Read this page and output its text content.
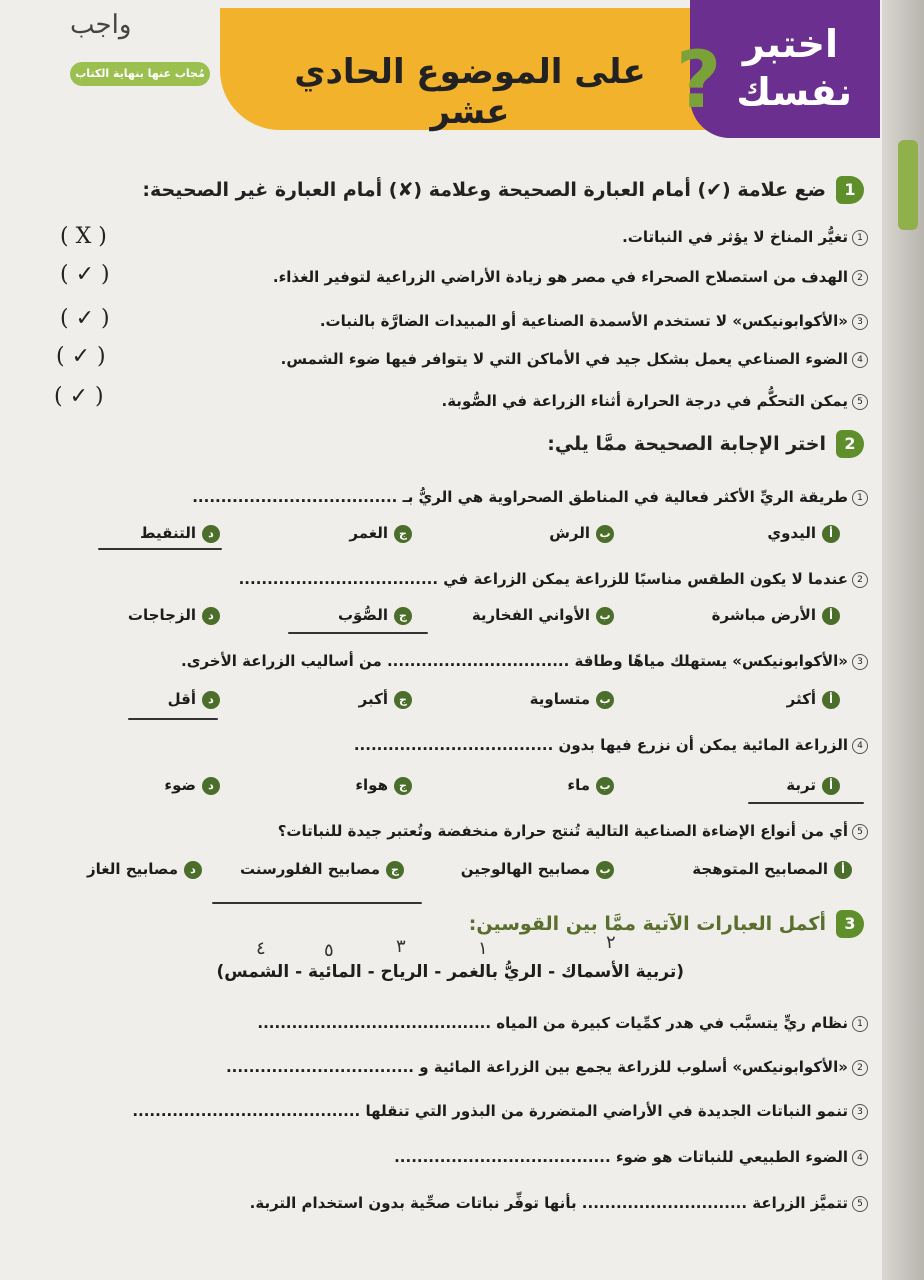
واجب
على الموضوع الحادي عشر	? اختبر
نفسك
مُجاب عنها بنهاية الكتاب
1
ضع علامة (✔) أمام العبارة الصحيحة وعلامة (✘) أمام العبارة غير الصحيحة:
1تغيُّر المناخ لا يؤثر في النباتات.
( X )
2الهدف من استصلاح الصحراء في مصر هو زيادة الأراضي الزراعية لتوفير الغذاء.
( ✓ )
3«الأكوابونيكس» لا تستخدم الأسمدة الصناعية أو المبيدات الضارَّة بالنبات.
( ✓ )
4الضوء الصناعي يعمل بشكل جيد في الأماكن التي لا يتوافر فيها ضوء الشمس.
( ✓ )
5يمكن التحكُّم في درجة الحرارة أثناء الزراعة في الصُّوبة.
( ✓ )
2
اختر الإجابة الصحيحة ممَّا يلي:
1طريقة الريِّ الأكثر فعالية في المناطق الصحراوية هي الريُّ بـ ....................................
أاليدوي
بالرش
جالغمر
دالتنقيط
2عندما لا يكون الطقس مناسبًا للزراعة يمكن الزراعة في ...................................
أالأرض مباشرة
بالأواني الفخارية
جالصُّوَب
دالزجاجات
3«الأكوابونيكس» يستهلك مياهًا وطاقة ................................ من أساليب الزراعة الأخرى.
أأكثر
بمتساوية
جأكبر
دأقل
4الزراعة المائية يمكن أن نزرع فيها بدون ...................................
أتربة
بماء
جهواء
دضوء
5أي من أنواع الإضاءة الصناعية التالية تُنتج حرارة منخفضة وتُعتبر جيدة للنباتات؟
أالمصابيح المتوهجة
بمصابيح الهالوجين
جمصابيح الفلورسنت
دمصابيح الغاز
3
أكمل العبارات الآتية ممَّا بين القوسين:
٤	٥	٣	١	٢
(تربية الأسماك - الريُّ بالغمر - الرياح - المائية - الشمس)
1نظام ريٍّ يتسبَّب في هدر كمِّيات كبيرة من المياه .........................................
2«الأكوابونيكس» أسلوب للزراعة يجمع بين الزراعة المائية و .................................
3تنمو النباتات الجديدة في الأراضي المتضررة من البذور التي تنقلها ........................................
4الضوء الطبيعي للنباتات هو ضوء ......................................
5تتميَّز الزراعة ............................. بأنها توفِّر نباتات صحِّية بدون استخدام التربة.
